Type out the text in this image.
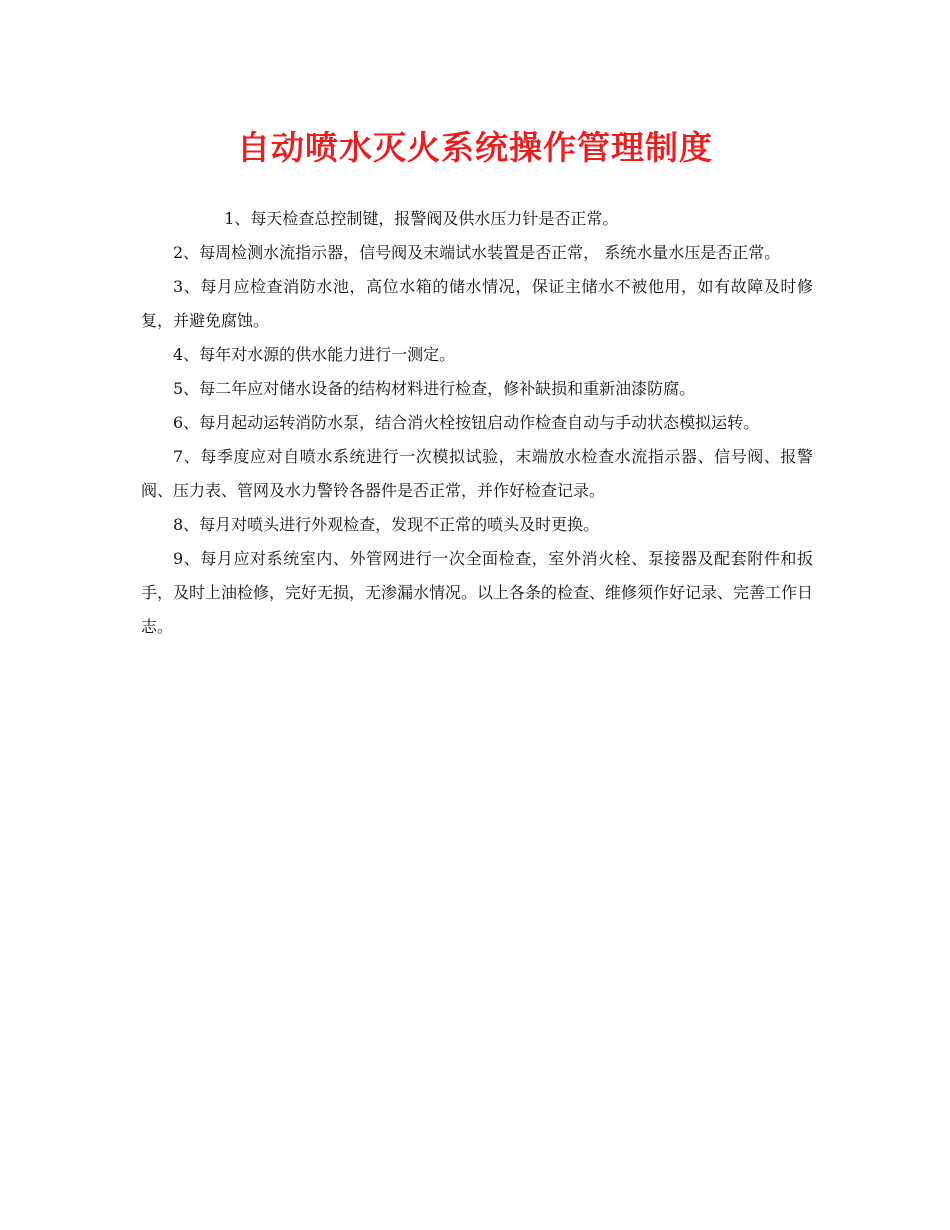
自动喷水灭火系统操作管理制度

1、每天检查总控制键，报警阀及供水压力针是否正常。

2、每周检测水流指示器，信号阀及末端试水装置是否正常， 系统水量水压是否正常。

3、每月应检查消防水池，高位水箱的储水情况，保证主储水不被他用，如有故障及时修复，并避免腐蚀。

4、每年对水源的供水能力进行一测定。

5、每二年应对储水设备的结构材料进行检查，修补缺损和重新油漆防腐。

6、每月起动运转消防水泵，结合消火栓按钮启动作检查自动与手动状态模拟运转。

7、每季度应对自喷水系统进行一次模拟试验，末端放水检查水流指示器、信号阀、报警阀、压力表、管网及水力警铃各器件是否正常，并作好检查记录。

8、每月对喷头进行外观检查，发现不正常的喷头及时更换。

9、每月应对系统室内、外管网进行一次全面检查，室外消火栓、泵接器及配套附件和扳手，及时上油检修，完好无损，无渗漏水情况。以上各条的检查、维修须作好记录、完善工作日志。
